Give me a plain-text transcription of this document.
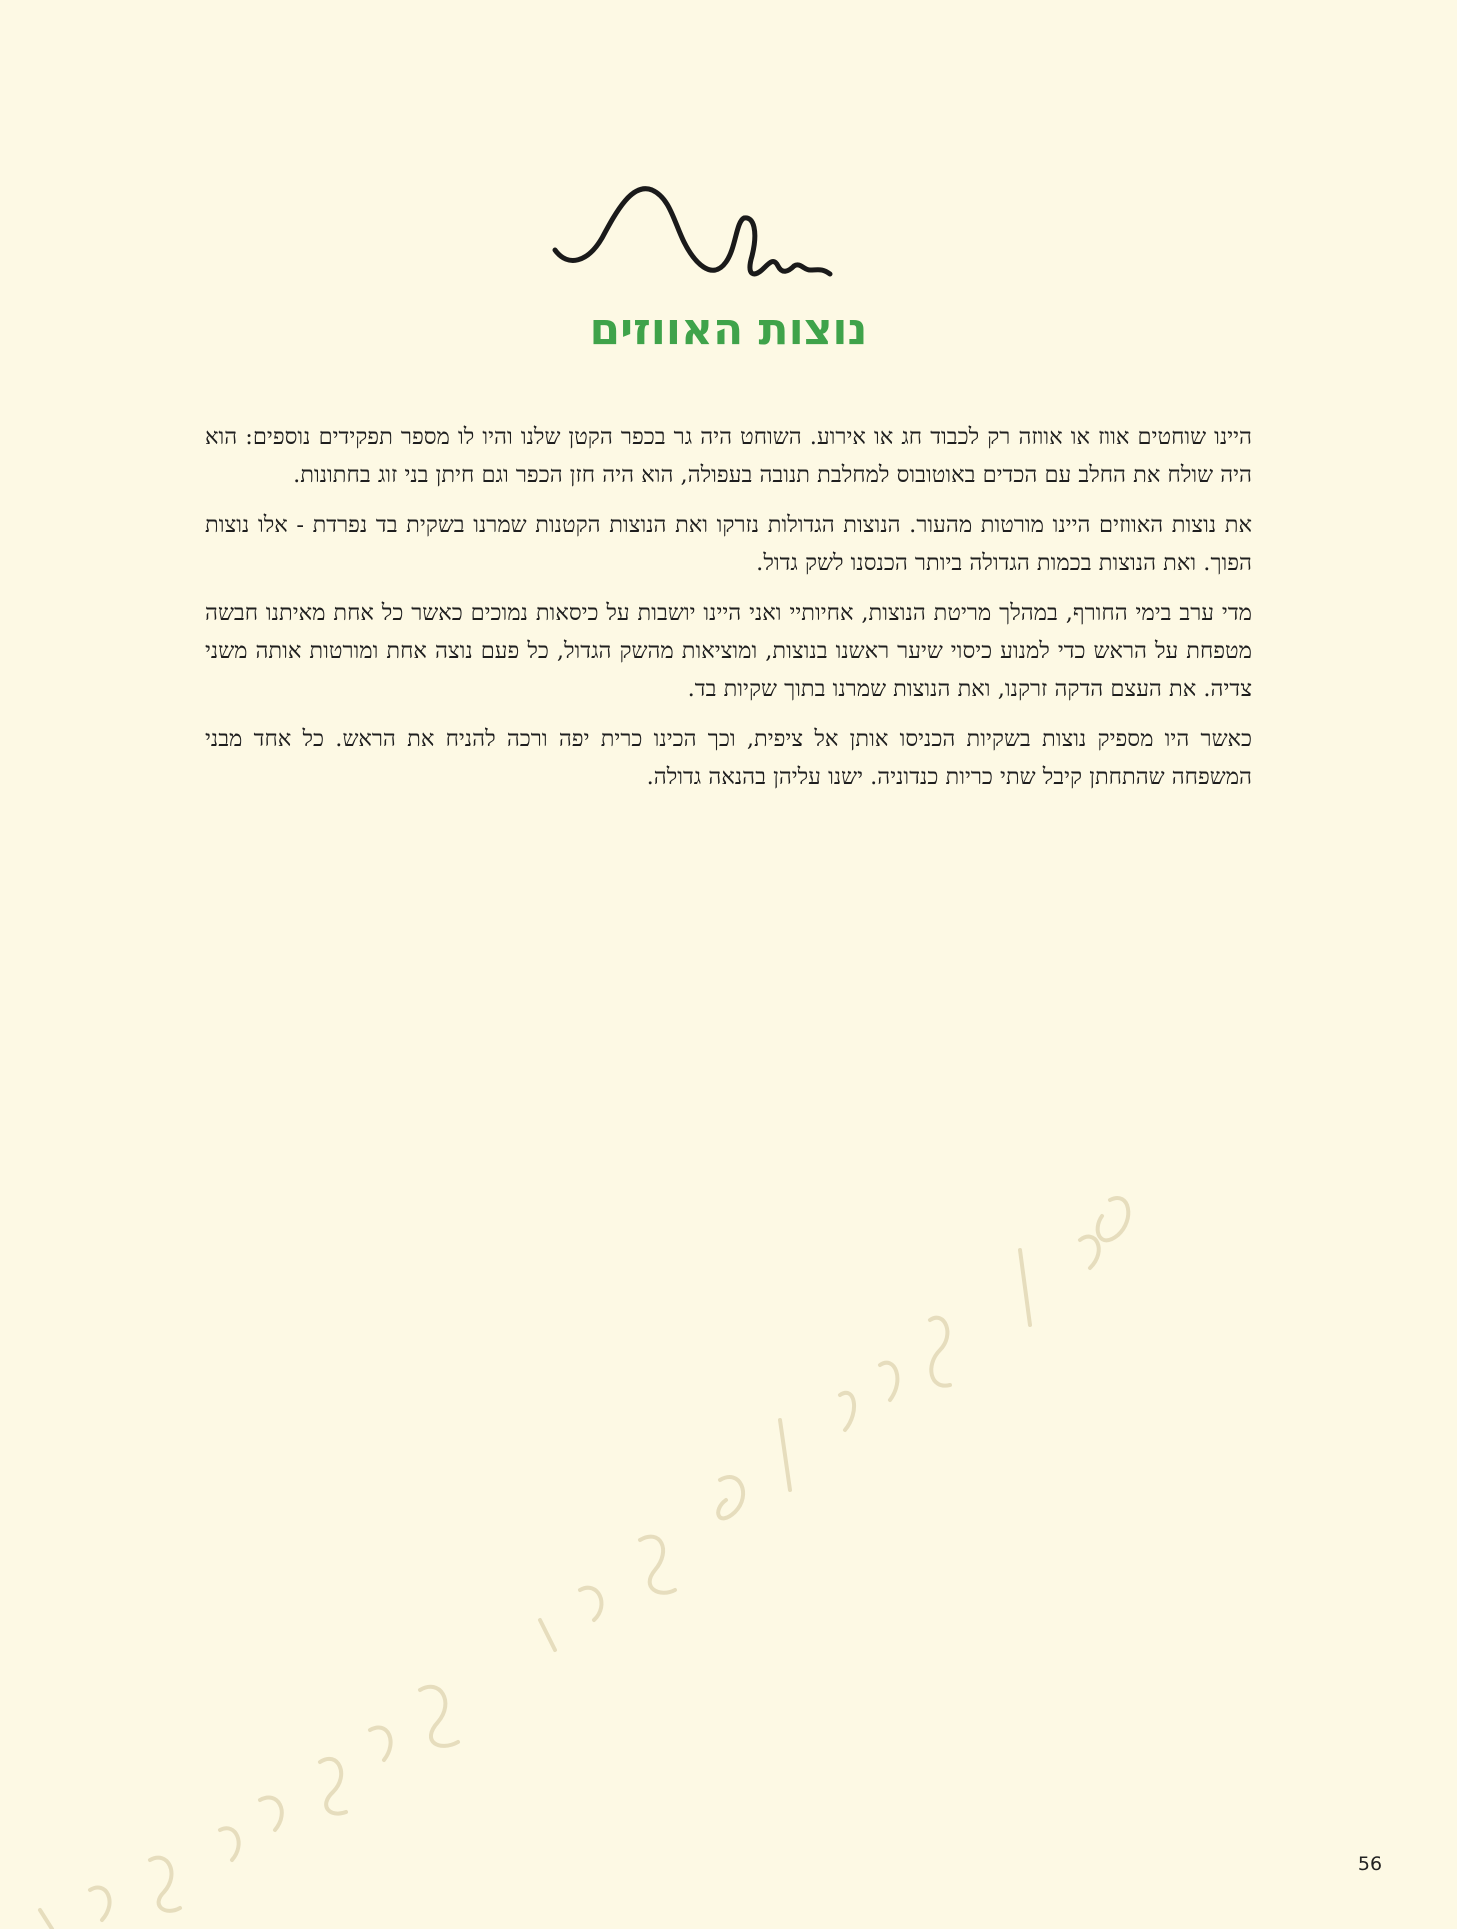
נוצות האווזים

היינו שוחטים אווז או אווזה רק לכבוד חג או אירוע. השוחט היה גר בכפר הקטן שלנו והיו לו מספר תפקידים נוספים: הוא היה שולח את החלב עם הכדים באוטובוס למחלבת תנובה בעפולה, הוא היה חזן הכפר וגם חיתן בני זוג בחתונות.

את נוצות האווזים היינו מורטות מהעור. הנוצות הגדולות נזרקו ואת הנוצות הקטנות שמרנו בשקית בד נפרדת - אלו נוצות הפוך. ואת הנוצות בכמות הגדולה ביותר הכנסנו לשק גדול.

מדי ערב בימי החורף, במהלך מריטת הנוצות, אחיותיי ואני היינו יושבות על כיסאות נמוכים כאשר כל אחת מאיתנו חבשה מטפחת על הראש כדי למנוע כיסוי שיער ראשנו בנוצות, ומוציאות מהשק הגדול, כל פעם נוצה אחת ומורטות אותה משני צדיה. את העצם הדקה זרקנו, ואת הנוצות שמרנו בתוך שקיות בד.

כאשר היו מספיק נוצות בשקיות הכניסו אותן אל ציפית, וכך הכינו כרית יפה ורכה להניח את הראש. כל אחד מבני המשפחה שהתחתן קיבל שתי כריות כנדוניה. ישנו עליהן בהנאה גדולה.

56
